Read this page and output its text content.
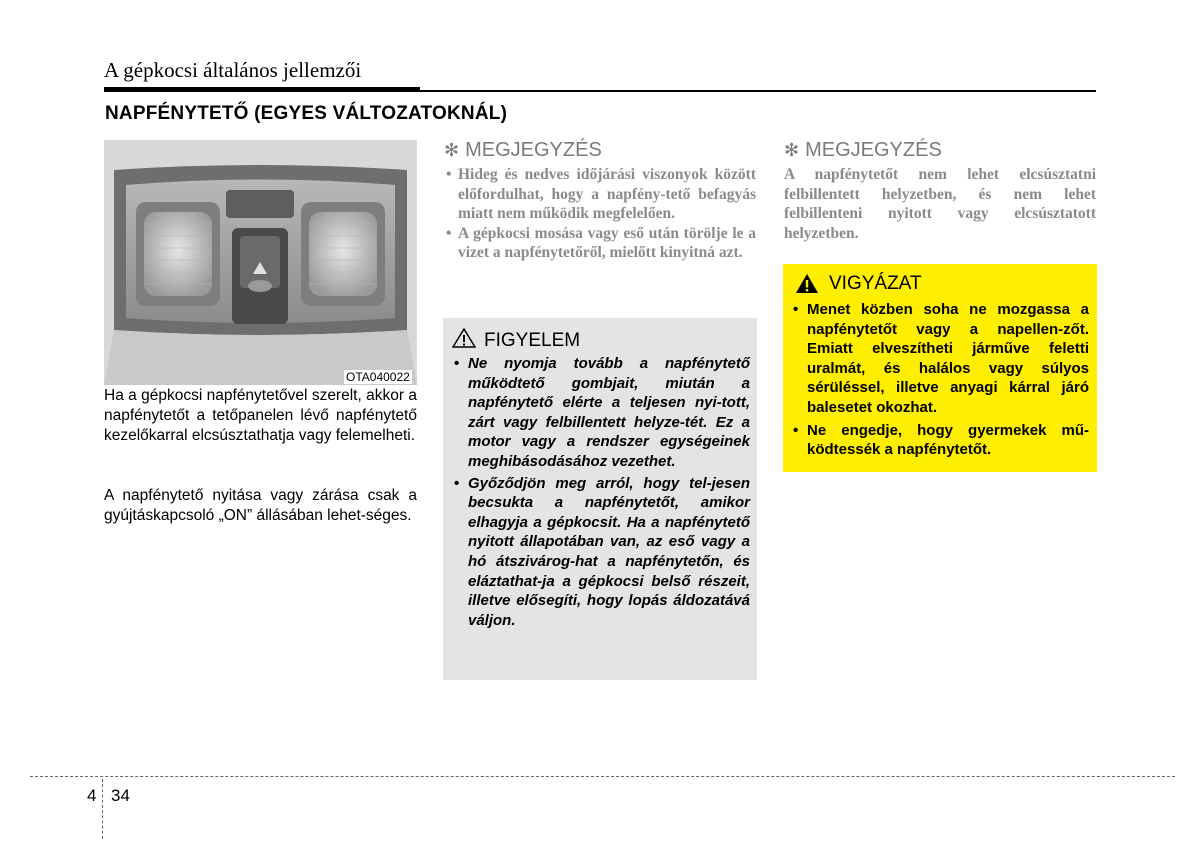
A gépkocsi általános jellemzői
NAPFÉNYTETŐ (EGYES VÁLTOZATOKNÁL)
OTA040022
Ha a gépkocsi napfénytetővel szerelt, akkor a napfénytetőt a tetőpanelen lévő napfénytető kezelőkarral elcsúsztathatja vagy felemelheti.
A napfénytető nyitása vagy zárása csak a gyújtáskapcsoló „ON” állásában lehet-séges.
✻ MEGJEGYZÉS
• Hideg és nedves időjárási viszonyok között előfordulhat, hogy a napfény-tető befagyás miatt nem működik megfelelően.
• A gépkocsi mosása vagy eső után törölje le a vizet a napfénytetőről, mielőtt kinyitná azt.
FIGYELEM
• Ne nyomja tovább a napfénytető működtető gombjait, miután a napfénytető elérte a teljesen nyi-tott, zárt vagy felbillentett helyze-tét. Ez a motor vagy a rendszer egységeinek meghibásodásához vezethet.
• Győződjön meg arról, hogy tel-jesen becsukta a napfénytetőt, amikor elhagyja a gépkocsit. Ha a napfénytető nyitott állapotában van, az eső vagy a hó átszivárog-hat a napfénytetőn, és eláztathat-ja a gépkocsi belső részeit, illetve elősegíti, hogy lopás áldozatává váljon.
✻ MEGJEGYZÉS
A napfénytetőt nem lehet elcsúsztatni felbillentett helyzetben, és nem lehet felbillenteni nyitott vagy elcsúsztatott helyzetben.
VIGYÁZAT
• Menet közben soha ne mozgassa a napfénytetőt vagy a napellen-zőt. Emiatt elveszítheti járműve feletti uralmát, és halálos vagy súlyos sérüléssel, illetve anyagi kárral járó balesetet okozhat.
• Ne engedje, hogy gyermekek mű-ködtessék a napfénytetőt.
4 34
